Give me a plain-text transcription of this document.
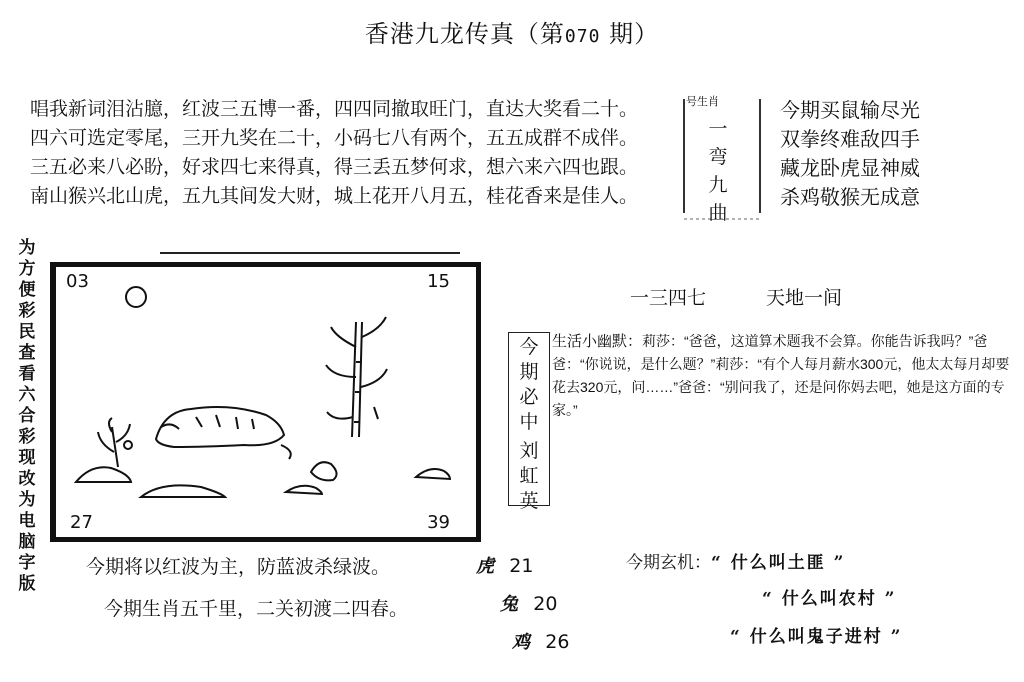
香港九龙传真（第070 期）
唱我新词泪沾臆，红波三五博一番，四四同撤取旺门，直达大奖看二十。
四六可选定零尾，三开九奖在二十，小码七八有两个，五五成群不成伴。
三五必来八必盼，好求四七来得真，得三丢五梦何求，想六来六四也跟。
南山猴兴北山虎，五九其间发大财，城上花开八月五，桂花香来是佳人。
号生肖
一
弯
九
曲
今期买鼠输尽光
双拳终难敌四手
藏龙卧虎显神威
杀鸡敬猴无成意
为
方
便
彩
民
查
看
六
合
彩
现
改
为
电
脑
字
版
03	15
27	39
一三四七	天地一间
今
期
必
中
刘
虹
英
生活小幽默：莉莎：“爸爸，这道算术题我不会算。你能告诉我吗？”爸爸：“你说说，是什么题？”莉莎：“有个人每月薪水300元，他太太每月却要花去320元，问……”爸爸：“别问我了，还是问你妈去吧，她是这方面的专家。”
今期将以红波为主，防蓝波杀绿波。
今期生肖五千里，二关初渡二四春。
虎 21
兔 20
鸡 26
今期玄机：“ 什么叫土匪 ”
“ 什么叫农村 ”
“ 什么叫鬼子进村 ”
